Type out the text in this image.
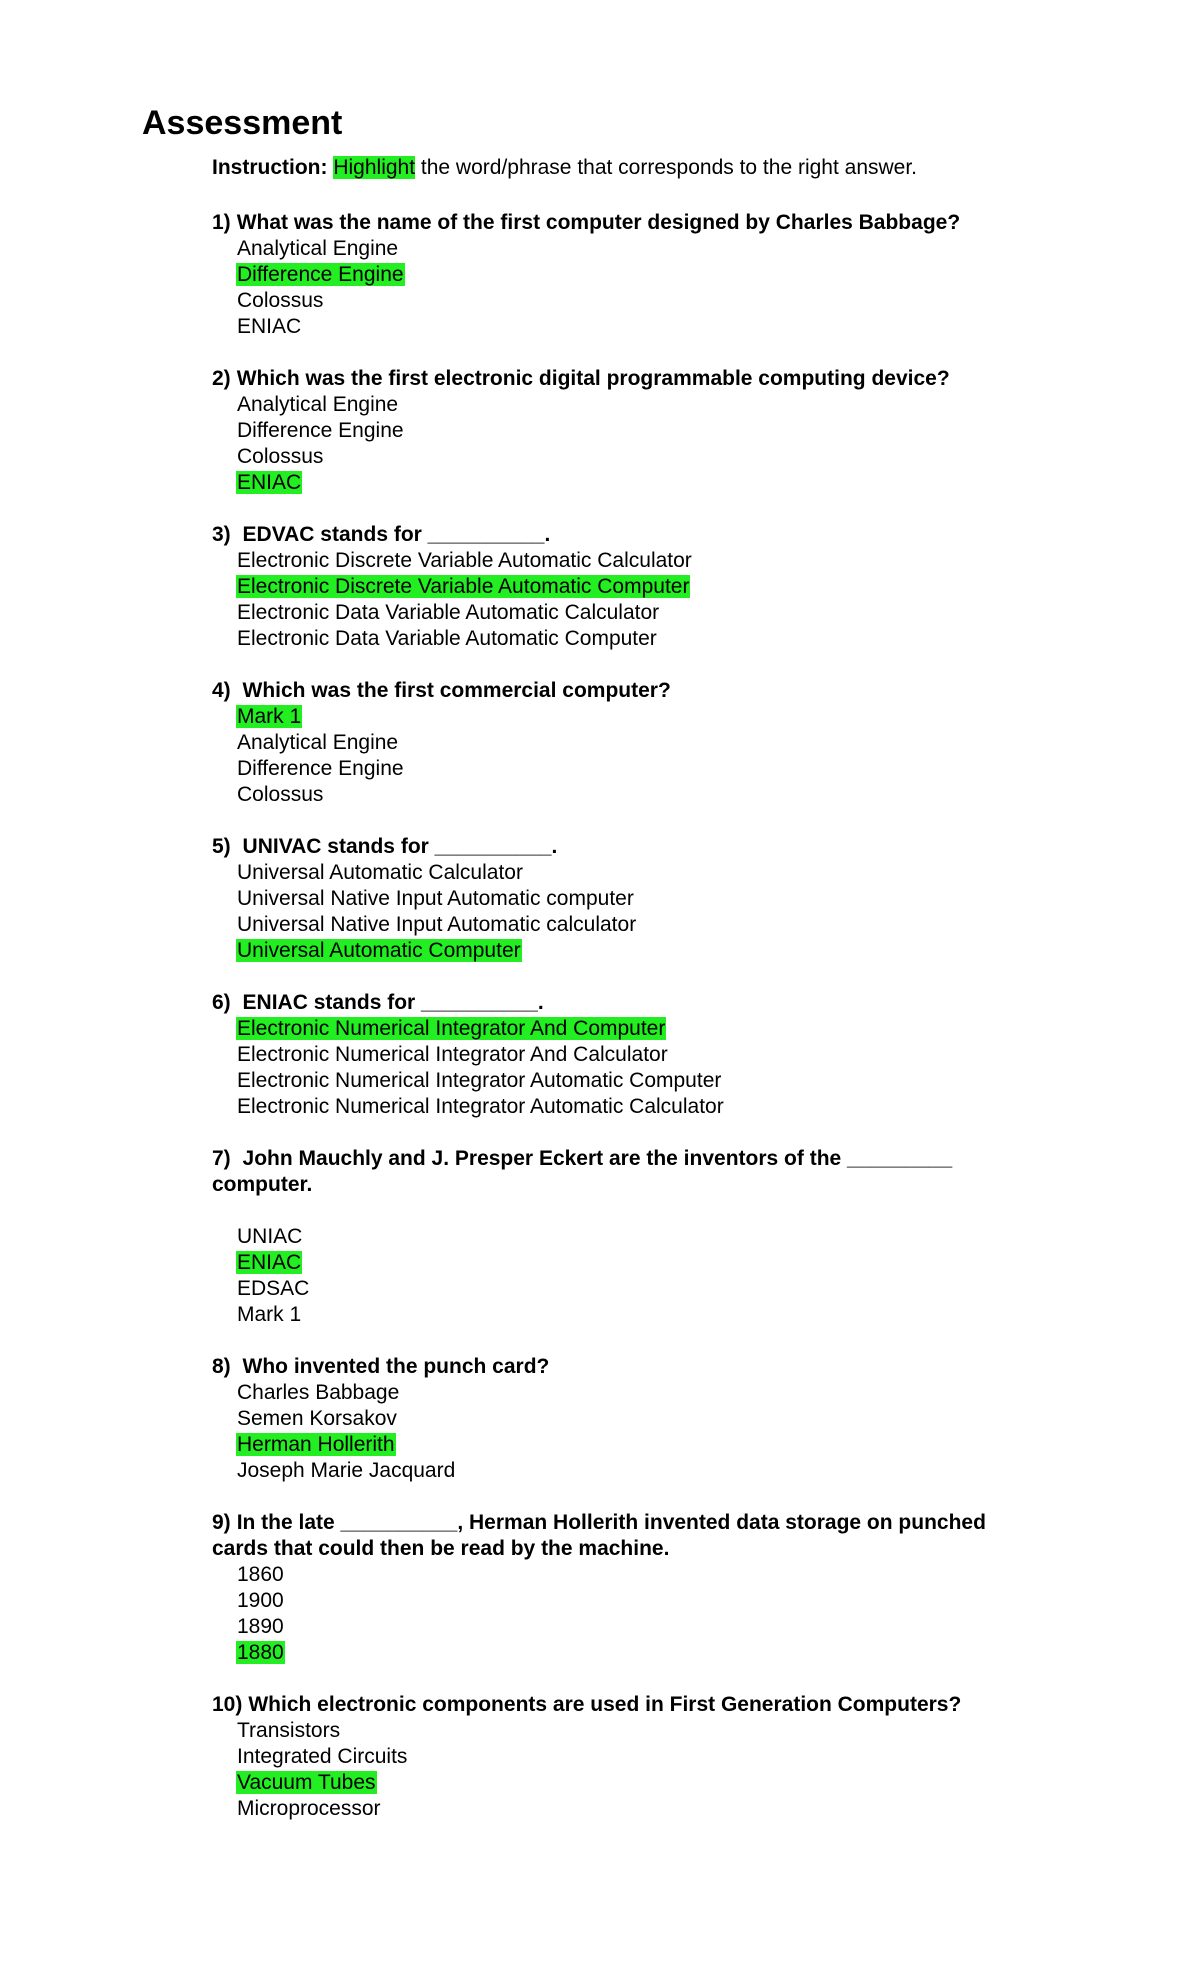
Assessment
Instruction: Highlight the word/phrase that corresponds to the right answer.

1) What was the name of the first computer designed by Charles Babbage?

Analytical Engine
Difference Engine
Colossus
ENIAC

2) Which was the first electronic digital programmable computing device?

Analytical Engine
Difference Engine
Colossus
ENIAC

3) EDVAC stands for __________.

Electronic Discrete Variable Automatic Calculator
Electronic Discrete Variable Automatic Computer
Electronic Data Variable Automatic Calculator
Electronic Data Variable Automatic Computer

4) Which was the first commercial computer?

Mark 1
Analytical Engine
Difference Engine
Colossus

5) UNIVAC stands for __________.

Universal Automatic Calculator
Universal Native Input Automatic computer
Universal Native Input Automatic calculator
Universal Automatic Computer

6) ENIAC stands for __________.

Electronic Numerical Integrator And Computer
Electronic Numerical Integrator And Calculator
Electronic Numerical Integrator Automatic Computer
Electronic Numerical Integrator Automatic Calculator

7) John Mauchly and J. Presper Eckert are the inventors of the _________ computer.

UNIAC
ENIAC
EDSAC
Mark 1

8) Who invented the punch card?

Charles Babbage
Semen Korsakov
Herman Hollerith
Joseph Marie Jacquard

9) In the late __________, Herman Hollerith invented data storage on punched cards that could then be read by the machine.

1860
1900
1890
1880

10) Which electronic components are used in First Generation Computers?

Transistors
Integrated Circuits
Vacuum Tubes
Microprocessor
